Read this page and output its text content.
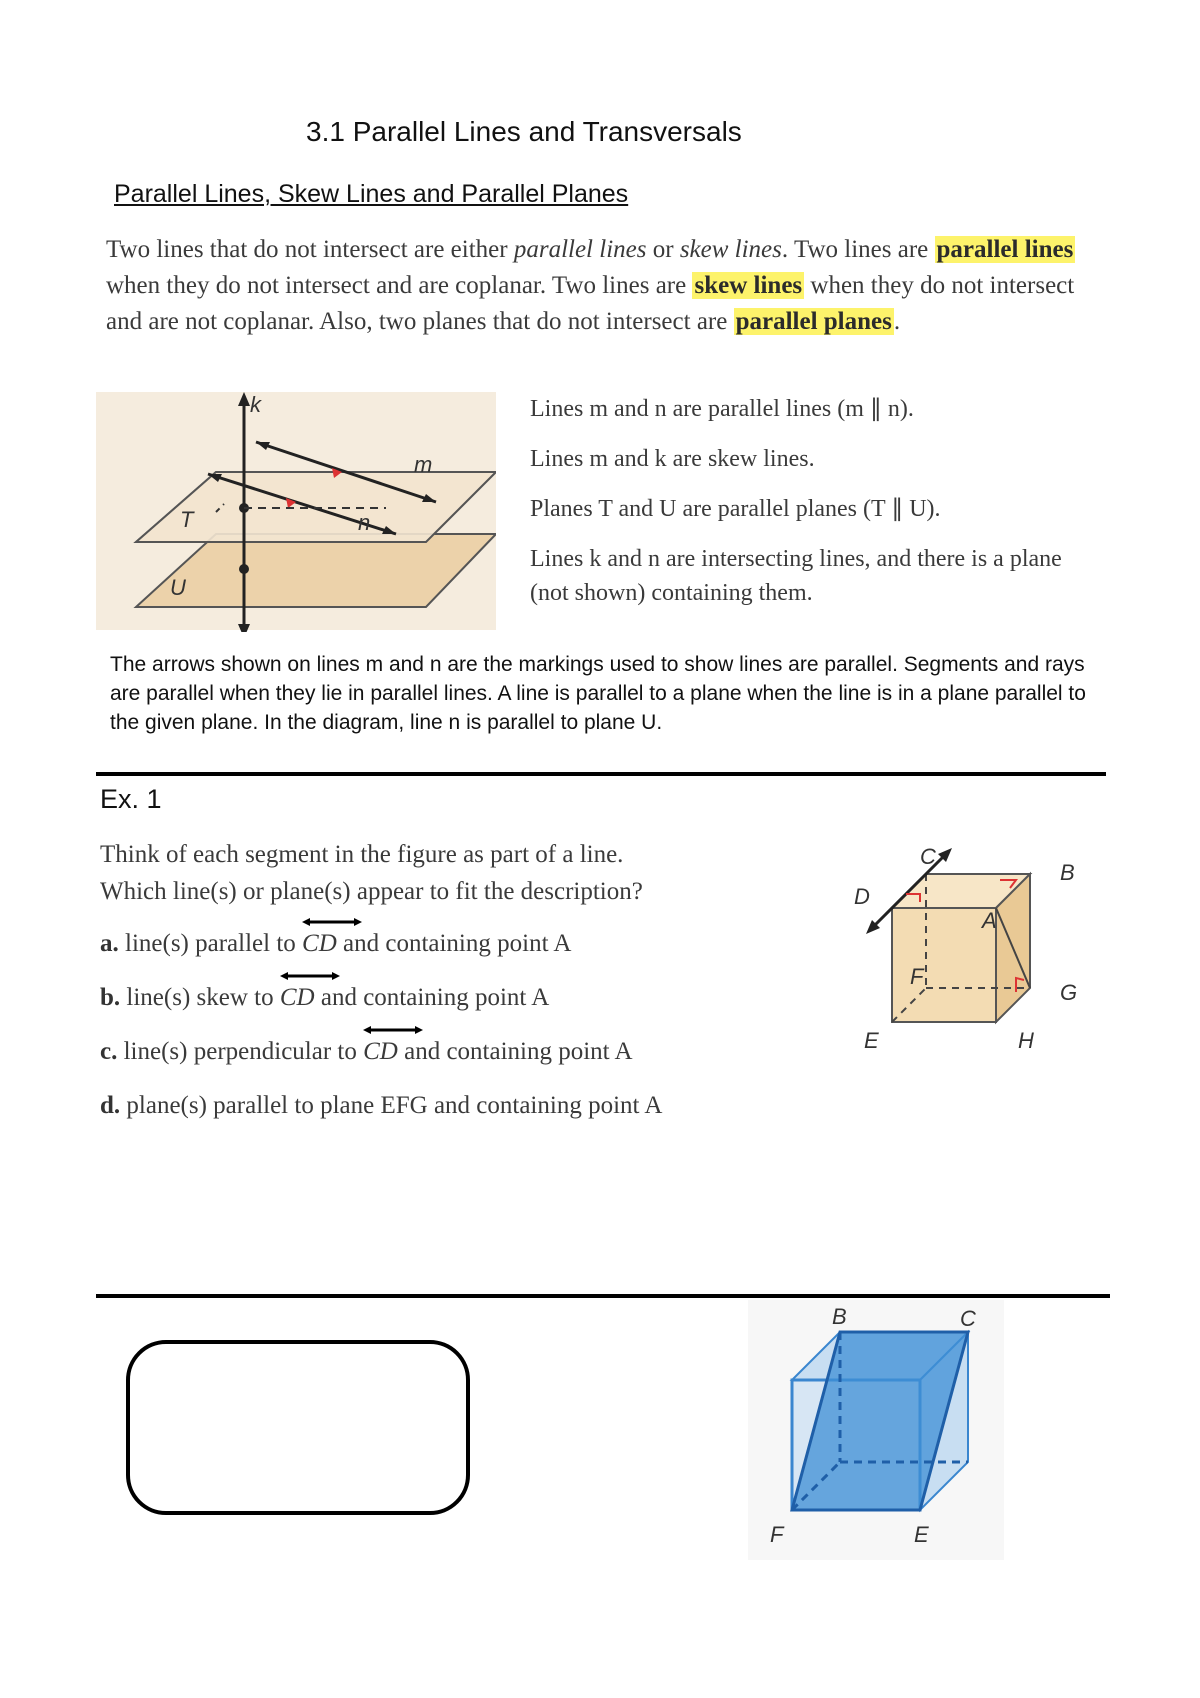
3.1 Parallel Lines and Transversals
Parallel Lines, Skew Lines and Parallel Planes
Two lines that do not intersect are either parallel lines or skew lines. Two lines are parallel lines when they do not intersect and are coplanar. Two lines are skew lines when they do not intersect and are not coplanar. Also, two planes that do not intersect are parallel planes.
k
m
n
T
U
Lines m and n are parallel lines (m ∥ n).
Lines m and k are skew lines.
Planes T and U are parallel planes (T ∥ U).
Lines k and n are intersecting lines, and there is a plane (not shown) containing them.
The arrows shown on lines m and n are the markings used to show lines are parallel. Segments and rays are parallel when they lie in parallel lines. A line is parallel to a plane when the line is in a plane parallel to the given plane. In the diagram, line n is parallel to plane U.
Ex. 1
Think of each segment in the figure as part of a line.
Which line(s) or plane(s) appear to fit the description?
a. line(s) parallel to
CD and containing point A
b. line(s) skew to
CD and containing point A
c. line(s) perpendicular to
CD and containing point A
d. plane(s) parallel to plane EFG and containing point A
C
D
B
A
F
G
E	H
B	C
F	E
